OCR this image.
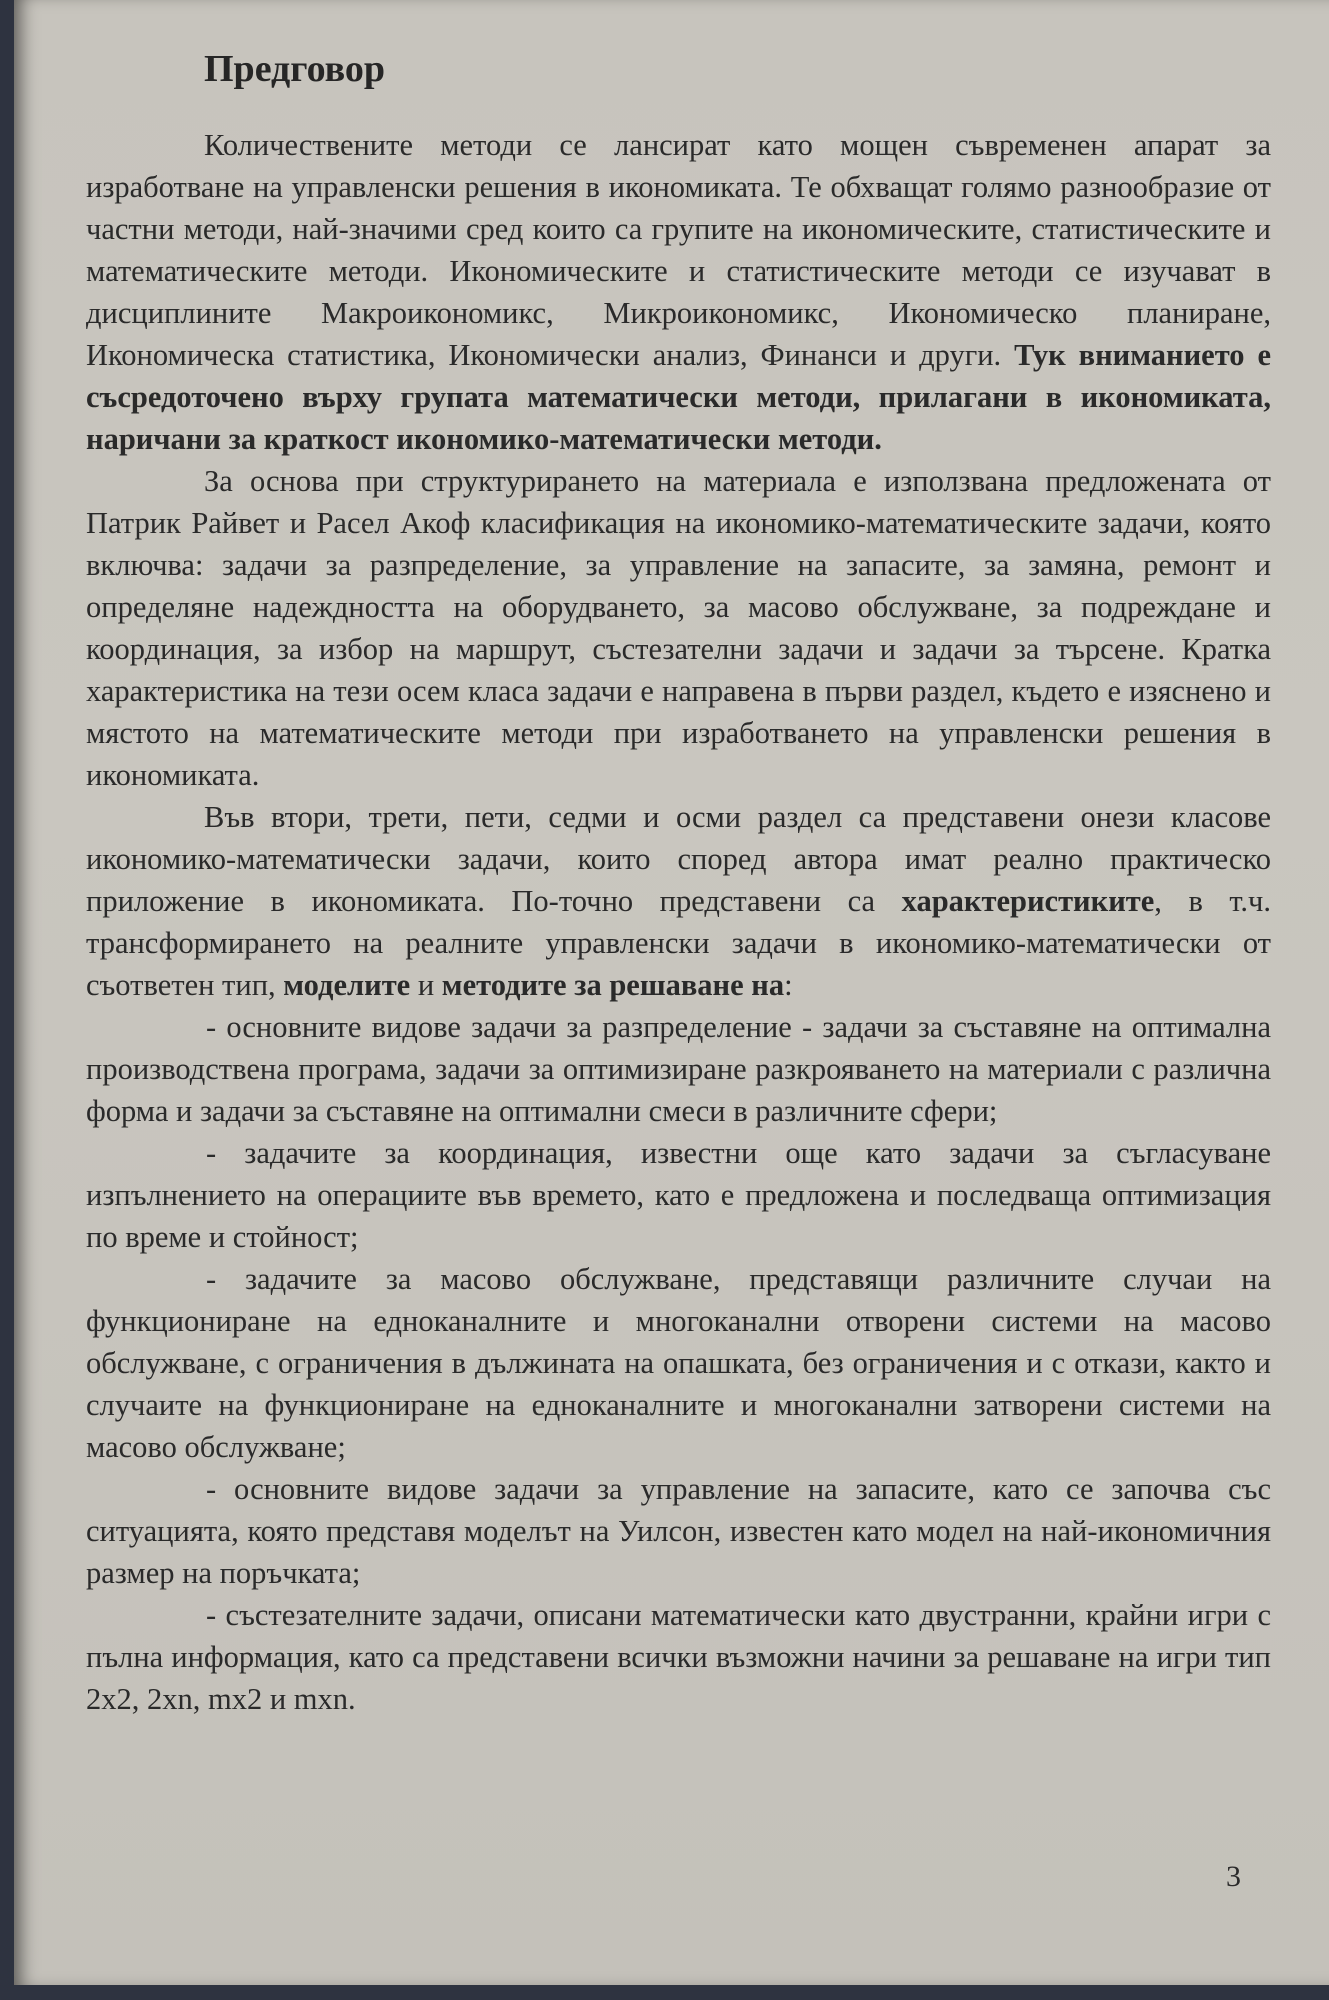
Предговор

Количествените методи се лансират като мощен съвременен апарат за изработване на управленски решения в икономиката. Те обхващат голямо разнообразие от частни методи, най-значими сред които са групите на икономическите, статистическите и математическите методи. Икономическите и статистическите методи се изучават в дисциплините Макроикономикс, Микроикономикс, Икономическо планиране, Икономическа статистика, Икономически анализ, Финанси и други. Тук вниманието е съсредоточено върху групата математически методи, прилагани в икономиката, наричани за краткост икономико-математически методи.

За основа при структурирането на материала е използвана предложената от Патрик Райвет и Расел Акоф класификация на икономико-математическите задачи, която включва: задачи за разпределение, за управление на запасите, за замяна, ремонт и определяне надеждността на оборудването, за масово обслужване, за подреждане и координация, за избор на маршрут, състезателни задачи и задачи за търсене. Кратка характеристика на тези осем класа задачи е направена в първи раздел, където е изяснено и мястото на математическите методи при изработването на управленски решения в икономиката.

Във втори, трети, пети, седми и осми раздел са представени онези класове икономико-математически задачи, които според автора имат реално практическо приложение в икономиката. По-точно представени са характеристиките, в т.ч. трансформирането на реалните управленски задачи в икономико-математически от съответен тип, моделите и методите за решаване на:

- основните видове задачи за разпределение - задачи за съставяне на оптимална производствена програма, задачи за оптимизиране разкрояването на материали с различна форма и задачи за съставяне на оптимални смеси в различните сфери;

- задачите за координация, известни още като задачи за съгласуване изпълнението на операциите във времето, като е предложена и последваща оптимизация по време и стойност;

- задачите за масово обслужване, представящи различните случаи на функциониране на едноканалните и многоканални отворени системи на масово обслужване, с ограничения в дължината на опашката, без ограничения и с откази, както и случаите на функциониране на едноканалните и многоканални затворени системи на масово обслужване;

- основните видове задачи за управление на запасите, като се започва със ситуацията, която представя моделът на Уилсон, известен като модел на най-икономичния размер на поръчката;

- състезателните задачи, описани математически като двустранни, крайни игри с пълна информация, като са представени всички възможни начини за решаване на игри тип 2x2, 2xn, mx2 и mxn.

3
